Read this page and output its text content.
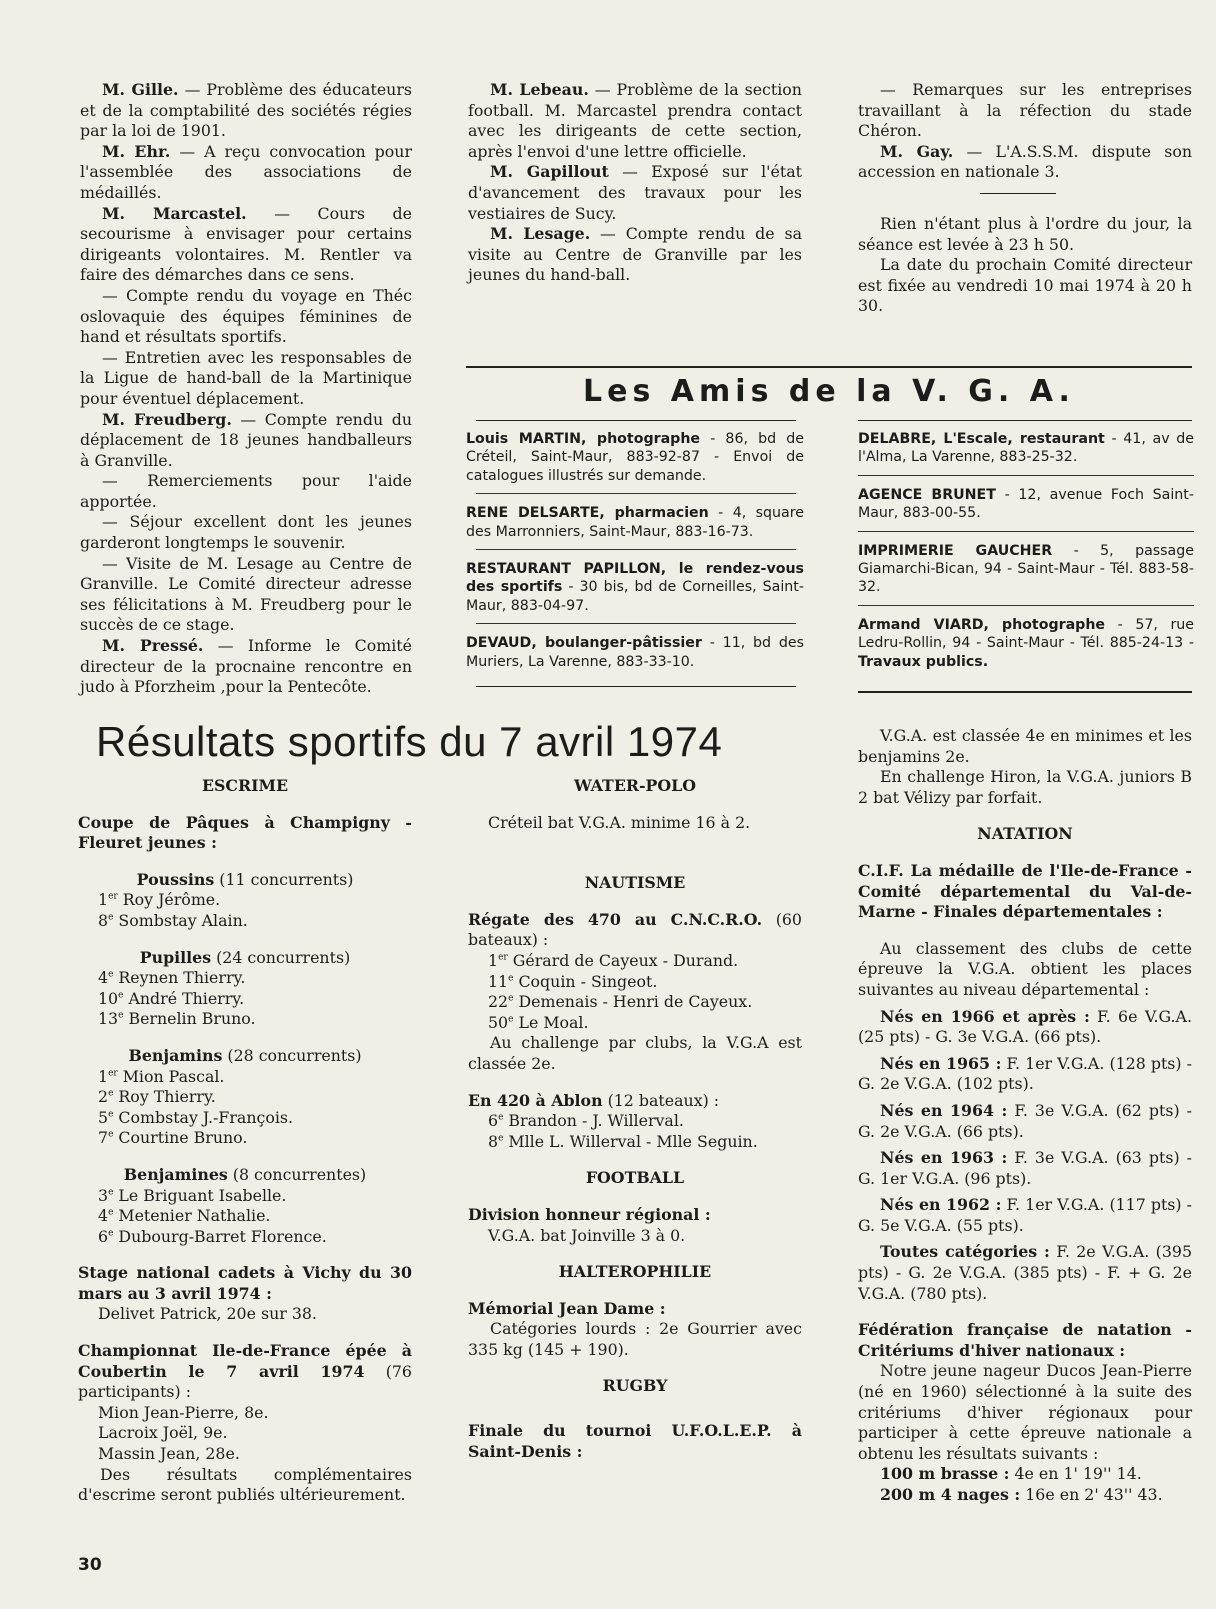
M. Gille. — Problème des éducateurs et de la comptabilité des sociétés régies par la loi de 1901.

M. Ehr. — A reçu convocation pour l'assemblée des associations de médaillés.

M. Marcastel. — Cours de secourisme à envisager pour certains dirigeants volontaires. M. Rentler va faire des démarches dans ce sens.

— Compte rendu du voyage en Théc oslovaquie des équipes féminines de hand et résultats sportifs.

— Entretien avec les responsables de la Ligue de hand-ball de la Martinique pour éventuel déplacement.

M. Freudberg. — Compte rendu du déplacement de 18 jeunes handballeurs à Granville.

— Remerciements pour l'aide apportée.

— Séjour excellent dont les jeunes garderont longtemps le souvenir.

— Visite de M. Lesage au Centre de Granville. Le Comité directeur adresse ses félicitations à M. Freudberg pour le succès de ce stage.

M. Pressé. — Informe le Comité directeur de la procnaine rencontre en judo à Pforzheim ,pour la Pentecôte.

M. Lebeau. — Problème de la section football. M. Marcastel prendra contact avec les dirigeants de cette section, après l'envoi d'une lettre officielle.

M. Gapillout — Exposé sur l'état d'avancement des travaux pour les vestiaires de Sucy.

M. Lesage. — Compte rendu de sa visite au Centre de Granville par les jeunes du hand-ball.

— Remarques sur les entreprises travaillant à la réfection du stade Chéron.

M. Gay. — L'A.S.S.M. dispute son accession en nationale 3.

Rien n'étant plus à l'ordre du jour, la séance est levée à 23 h 50.

La date du prochain Comité directeur est fixée au vendredi 10 mai 1974 à 20 h 30.

Les Amis de la V. G. A.
Louis MARTIN, photographe - 86, bd de Créteil, Saint-Maur, 883-92-87 - Envoi de catalogues illustrés sur demande.
RENE DELSARTE, pharmacien - 4, square des Marronniers, Saint-Maur, 883-16-73.
RESTAURANT PAPILLON, le rendez-vous des sportifs - 30 bis, bd de Corneilles, Saint-Maur, 883-04-97.
DEVAUD, boulanger-pâtissier - 11, bd des Muriers, La Varenne, 883-33-10.
DELABRE, L'Escale, restaurant - 41, av de l'Alma, La Varenne, 883-25-32.
AGENCE BRUNET - 12, avenue Foch Saint-Maur, 883-00-55.
IMPRIMERIE GAUCHER - 5, passage Giamarchi-Bican, 94 - Saint-Maur - Tél. 883-58-32.
Armand VIARD, photographe - 57, rue Ledru-Rollin, 94 - Saint-Maur - Tél. 885-24-13 - Travaux publics.
Résultats sportifs du 7 avril 1974

ESCRIME

Coupe de Pâques à Champigny - Fleuret jeunes :

Poussins (11 concurrents)
1er Roy Jérôme.
8e Sombstay Alain.
Pupilles (24 concurrents)
4e Reynen Thierry.
10e André Thierry.
13e Bernelin Bruno.
Benjamins (28 concurrents)
1er Mion Pascal.
2e Roy Thierry.
5e Combstay J.-François.
7e Courtine Bruno.
Benjamines (8 concurrentes)
3e Le Briguant Isabelle.
4e Metenier Nathalie.
6e Dubourg-Barret Florence.

Stage national cadets à Vichy du 30 mars au 3 avril 1974 :

Delivet Patrick, 20e sur 38.

Championnat Ile-de-France épée à Coubertin le 7 avril 1974 (76 participants) :

Mion Jean-Pierre, 8e.
Lacroix Joël, 9e.
Massin Jean, 28e.

Des résultats complémentaires d'escrime seront publiés ultérieurement.

WATER-POLO

Créteil bat V.G.A. minime 16 à 2.

NAUTISME

Régate des 470 au C.N.C.R.O. (60 bateaux) :

1er Gérard de Cayeux - Durand.
11e Coquin - Singeot.
22e Demenais - Henri de Cayeux.
50e Le Moal.

Au challenge par clubs, la V.G.A est classée 2e.

En 420 à Ablon (12 bateaux) :

6e Brandon - J. Willerval.
8e Mlle L. Willerval - Mlle Seguin.

FOOTBALL

Division honneur régional :

V.G.A. bat Joinville 3 à 0.

HALTEROPHILIE

Mémorial Jean Dame :

Catégories lourds : 2e Gourrier avec 335 kg (145 + 190).

RUGBY

Finale du tournoi U.F.O.L.E.P. à Saint-Denis :

V.G.A. est classée 4e en minimes et les benjamins 2e.

En challenge Hiron, la V.G.A. juniors B 2 bat Vélizy par forfait.

NATATION

C.I.F. La médaille de l'Ile-de-France - Comité départemental du Val-de-Marne - Finales départementales :

Au classement des clubs de cette épreuve la V.G.A. obtient les places suivantes au niveau départemental :

Nés en 1966 et après : F. 6e V.G.A. (25 pts) - G. 3e V.G.A. (66 pts).

Nés en 1965 : F. 1er V.G.A. (128 pts) - G. 2e V.G.A. (102 pts).

Nés en 1964 : F. 3e V.G.A. (62 pts) - G. 2e V.G.A. (66 pts).

Nés en 1963 : F. 3e V.G.A. (63 pts) - G. 1er V.G.A. (96 pts).

Nés en 1962 : F. 1er V.G.A. (117 pts) - G. 5e V.G.A. (55 pts).

Toutes catégories : F. 2e V.G.A. (395 pts) - G. 2e V.G.A. (385 pts) - F. + G. 2e V.G.A. (780 pts).

Fédération française de natation - Critériums d'hiver nationaux :

Notre jeune nageur Ducos Jean-Pierre (né en 1960) sélectionné à la suite des critériums d'hiver régionaux pour participer à cette épreuve nationale a obtenu les résultats suivants :

100 m brasse : 4e en 1' 19'' 14.

200 m 4 nages : 16e en 2' 43'' 43.

30
